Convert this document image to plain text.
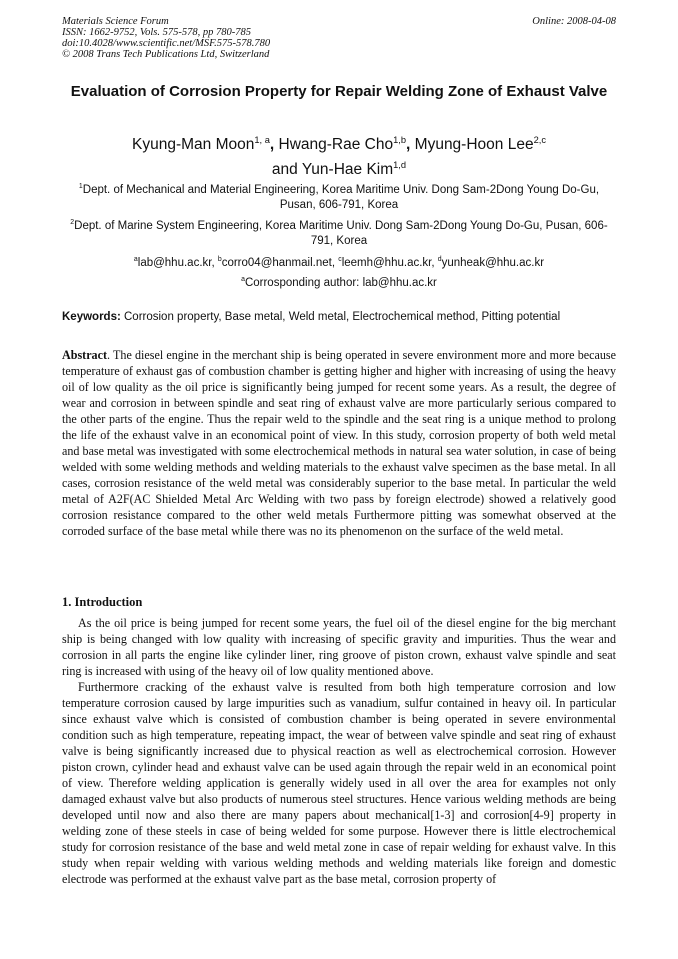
Materials Science Forum
ISSN: 1662-9752, Vols. 575-578, pp 780-785
doi:10.4028/www.scientific.net/MSF.575-578.780
© 2008 Trans Tech Publications Ltd, Switzerland
Online: 2008-04-08
Evaluation of Corrosion Property for Repair Welding Zone of Exhaust Valve
Kyung-Man Moon$^{1, a}$, Hwang-Rae Cho$^{1,b}$, Myung-Hoon Lee$^{2,c}$
and Yun-Hae Kim$^{1,d}$
$^1$Dept. of Mechanical and Material Engineering, Korea Maritime Univ. Dong Sam-2Dong Young Do-Gu, Pusan, 606-791, Korea
$^2$Dept. of Marine System Engineering, Korea Maritime Univ. Dong Sam-2Dong Young Do-Gu, Pusan, 606-791, Korea
$^a$lab@hhu.ac.kr, $^b$corro04@hanmail.net, $^c$leemh@hhu.ac.kr, $^d$yunheak@hhu.ac.kr
$^a$Corrosponding author: lab@hhu.ac.kr
Keywords: Corrosion property, Base metal, Weld metal, Electrochemical method, Pitting potential
Abstract. The diesel engine in the merchant ship is being operated in severe environment more and more because temperature of exhaust gas of combustion chamber is getting higher and higher with increasing of using the heavy oil of low quality as the oil price is significantly being jumped for recent some years. As a result, the degree of wear and corrosion in between spindle and seat ring of exhaust valve are more particularly serious compared to the other parts of the engine. Thus the repair weld to the spindle and the seat ring is a unique method to prolong the life of the exhaust valve in an economical point of view. In this study, corrosion property of both weld metal and base metal was investigated with some electrochemical methods in natural sea water solution, in case of being welded with some welding methods and welding materials to the exhaust valve specimen as the base metal. In all cases, corrosion resistance of the weld metal was considerably superior to the base metal. In particular the weld metal of A2F(AC Shielded Metal Arc Welding with two pass by foreign electrode) showed a relatively good corrosion resistance compared to the other weld metals Furthermore pitting was somewhat observed at the corroded surface of the base metal while there was no its phenomenon on the surface of the weld metal.
1. Introduction

As the oil price is being jumped for recent some years, the fuel oil of the diesel engine for the big merchant ship is being changed with low quality with increasing of specific gravity and impurities. Thus the wear and corrosion in all parts the engine like cylinder liner, ring groove of piston crown, exhaust valve spindle and seat ring is increased with using of the heavy oil of low quality mentioned above.

Furthermore cracking of the exhaust valve is resulted from both high temperature corrosion and low temperature corrosion caused by large impurities such as vanadium, sulfur contained in heavy oil. In particular since exhaust valve which is consisted of combustion chamber is being operated in severe environmental condition such as high temperature, repeating impact, the wear of between valve spindle and seat ring of exhaust valve is being significantly increased due to physical reaction as well as electrochemical corrosion. However piston crown, cylinder head and exhaust valve can be used again through the repair weld in an economical point of view. Therefore welding application is generally widely used in all over the area for examples not only damaged exhaust valve but also products of numerous steel structures. Hence various welding methods are being developed until now and also there are many papers about mechanical[1-3] and corrosion[4-9] property in welding zone of these steels in case of being welded for some purpose. However there is little electrochemical study for corrosion resistance of the base and weld metal zone in case of repair welding for exhaust valve. In this study when repair welding with various welding methods and welding materials like foreign and domestic electrode was performed at the exhaust valve part as the base metal, corrosion property of
